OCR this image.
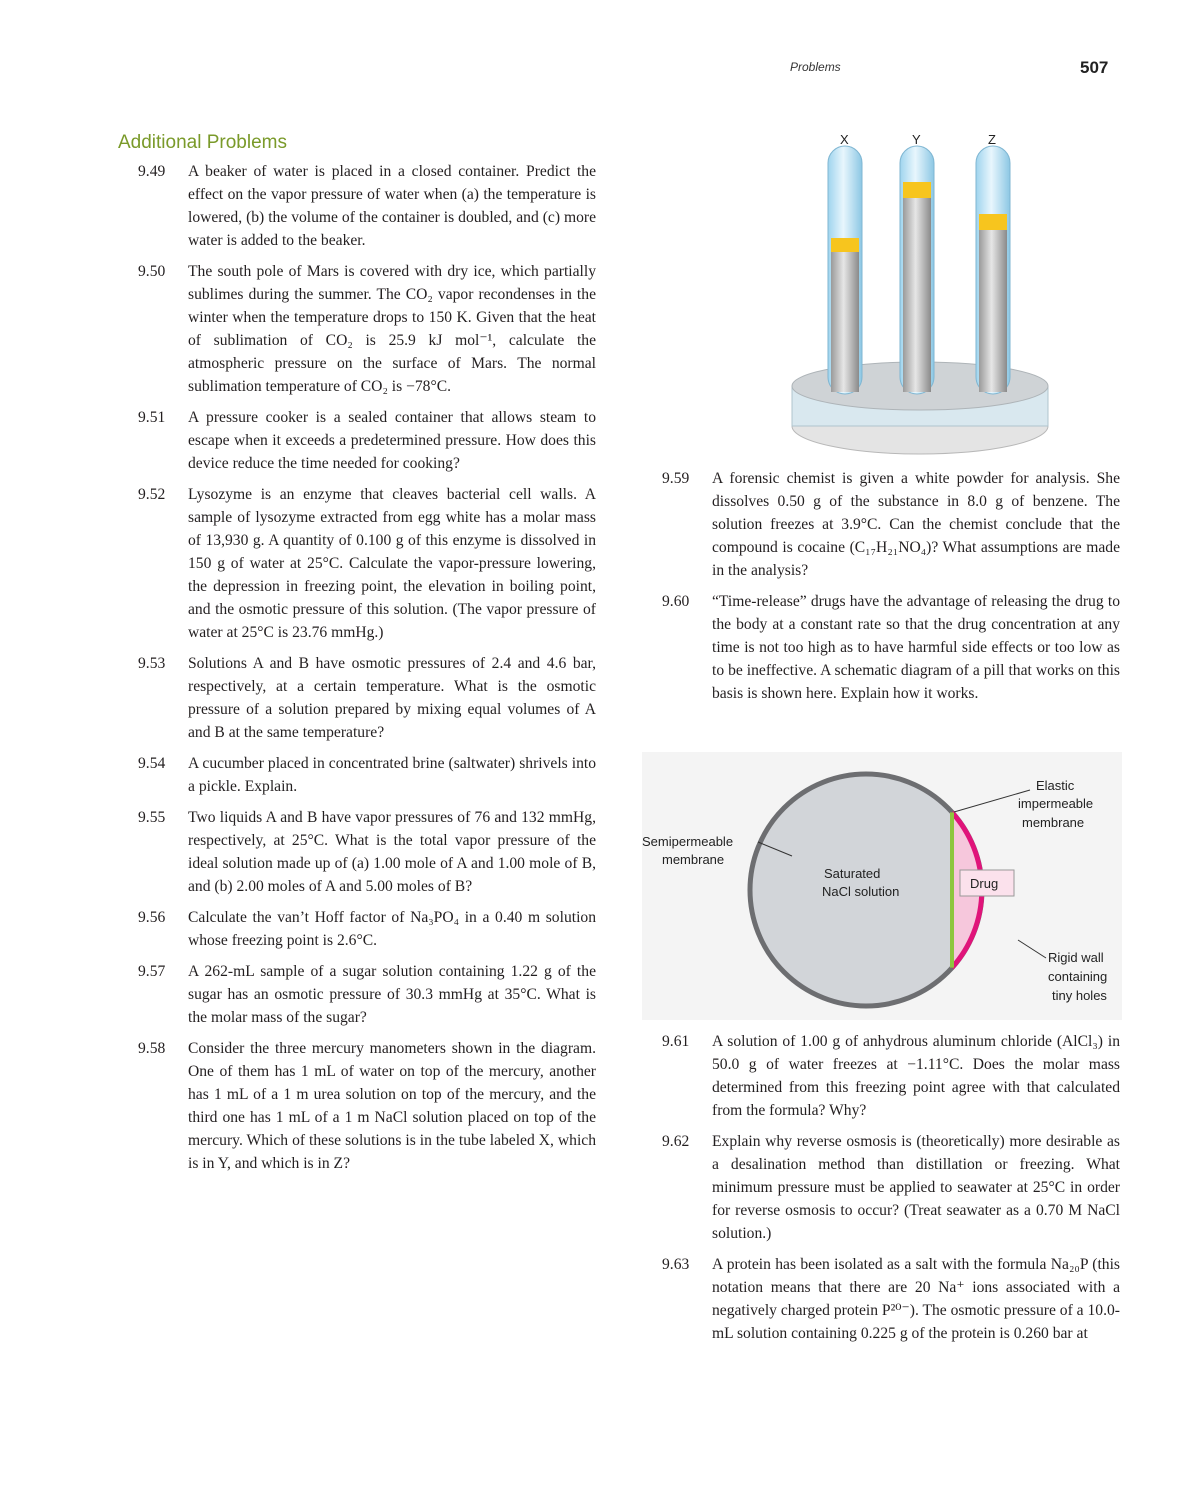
Problems	507
Additional Problems
9.49	A beaker of water is placed in a closed container. Predict the effect on the vapor pressure of water when (a) the temperature is lowered, (b) the volume of the container is doubled, and (c) more water is added to the beaker.
9.50	The south pole of Mars is covered with dry ice, which partially sublimes during the summer. The CO₂ vapor recondenses in the winter when the temperature drops to 150 K. Given that the heat of sublimation of CO₂ is 25.9 kJ mol⁻¹, calculate the atmospheric pressure on the surface of Mars. The normal sublimation temperature of CO₂ is −78°C.
9.51	A pressure cooker is a sealed container that allows steam to escape when it exceeds a predetermined pressure. How does this device reduce the time needed for cooking?
9.52	Lysozyme is an enzyme that cleaves bacterial cell walls. A sample of lysozyme extracted from egg white has a molar mass of 13,930 g. A quantity of 0.100 g of this enzyme is dissolved in 150 g of water at 25°C. Calculate the vapor-pressure lowering, the depression in freezing point, the elevation in boiling point, and the osmotic pressure of this solution. (The vapor pressure of water at 25°C is 23.76 mmHg.)
9.53	Solutions A and B have osmotic pressures of 2.4 and 4.6 bar, respectively, at a certain temperature. What is the osmotic pressure of a solution prepared by mixing equal volumes of A and B at the same temperature?
9.54	A cucumber placed in concentrated brine (saltwater) shrivels into a pickle. Explain.
9.55	Two liquids A and B have vapor pressures of 76 and 132 mmHg, respectively, at 25°C. What is the total vapor pressure of the ideal solution made up of (a) 1.00 mole of A and 1.00 mole of B, and (b) 2.00 moles of A and 5.00 moles of B?
9.56	Calculate the van’t Hoff factor of Na₃PO₄ in a 0.40 m solution whose freezing point is 2.6°C.
9.57	A 262-mL sample of a sugar solution containing 1.22 g of the sugar has an osmotic pressure of 30.3 mmHg at 35°C. What is the molar mass of the sugar?
9.58	Consider the three mercury manometers shown in the diagram. One of them has 1 mL of water on top of the mercury, another has 1 mL of a 1 m urea solution on top of the mercury, and the third one has 1 mL of a 1 m NaCl solution placed on top of the mercury. Which of these solutions is in the tube labeled X, which is in Y, and which is in Z?
X	Y	Z
9.59	A forensic chemist is given a white powder for analysis. She dissolves 0.50 g of the substance in 8.0 g of benzene. The solution freezes at 3.9°C. Can the chemist conclude that the compound is cocaine (C₁₇H₂₁NO₄)? What assumptions are made in the analysis?
9.60	“Time-release” drugs have the advantage of releasing the drug to the body at a constant rate so that the drug concentration at any time is not too high as to have harmful side effects or too low as to be ineffective. A schematic diagram of a pill that works on this basis is shown here. Explain how it works.
Saturated
NaCl solution
Drug
Semipermeable
membrane
Elastic
impermeable
membrane
Rigid wall
containing
tiny holes
9.61	A solution of 1.00 g of anhydrous aluminum chloride (AlCl₃) in 50.0 g of water freezes at −1.11°C. Does the molar mass determined from this freezing point agree with that calculated from the formula? Why?
9.62	Explain why reverse osmosis is (theoretically) more desirable as a desalination method than distillation or freezing. What minimum pressure must be applied to seawater at 25°C in order for reverse osmosis to occur? (Treat seawater as a 0.70 M NaCl solution.)
9.63	A protein has been isolated as a salt with the formula Na₂₀P (this notation means that there are 20 Na⁺ ions associated with a negatively charged protein P²⁰⁻). The osmotic pressure of a 10.0-mL solution containing 0.225 g of the protein is 0.260 bar at
